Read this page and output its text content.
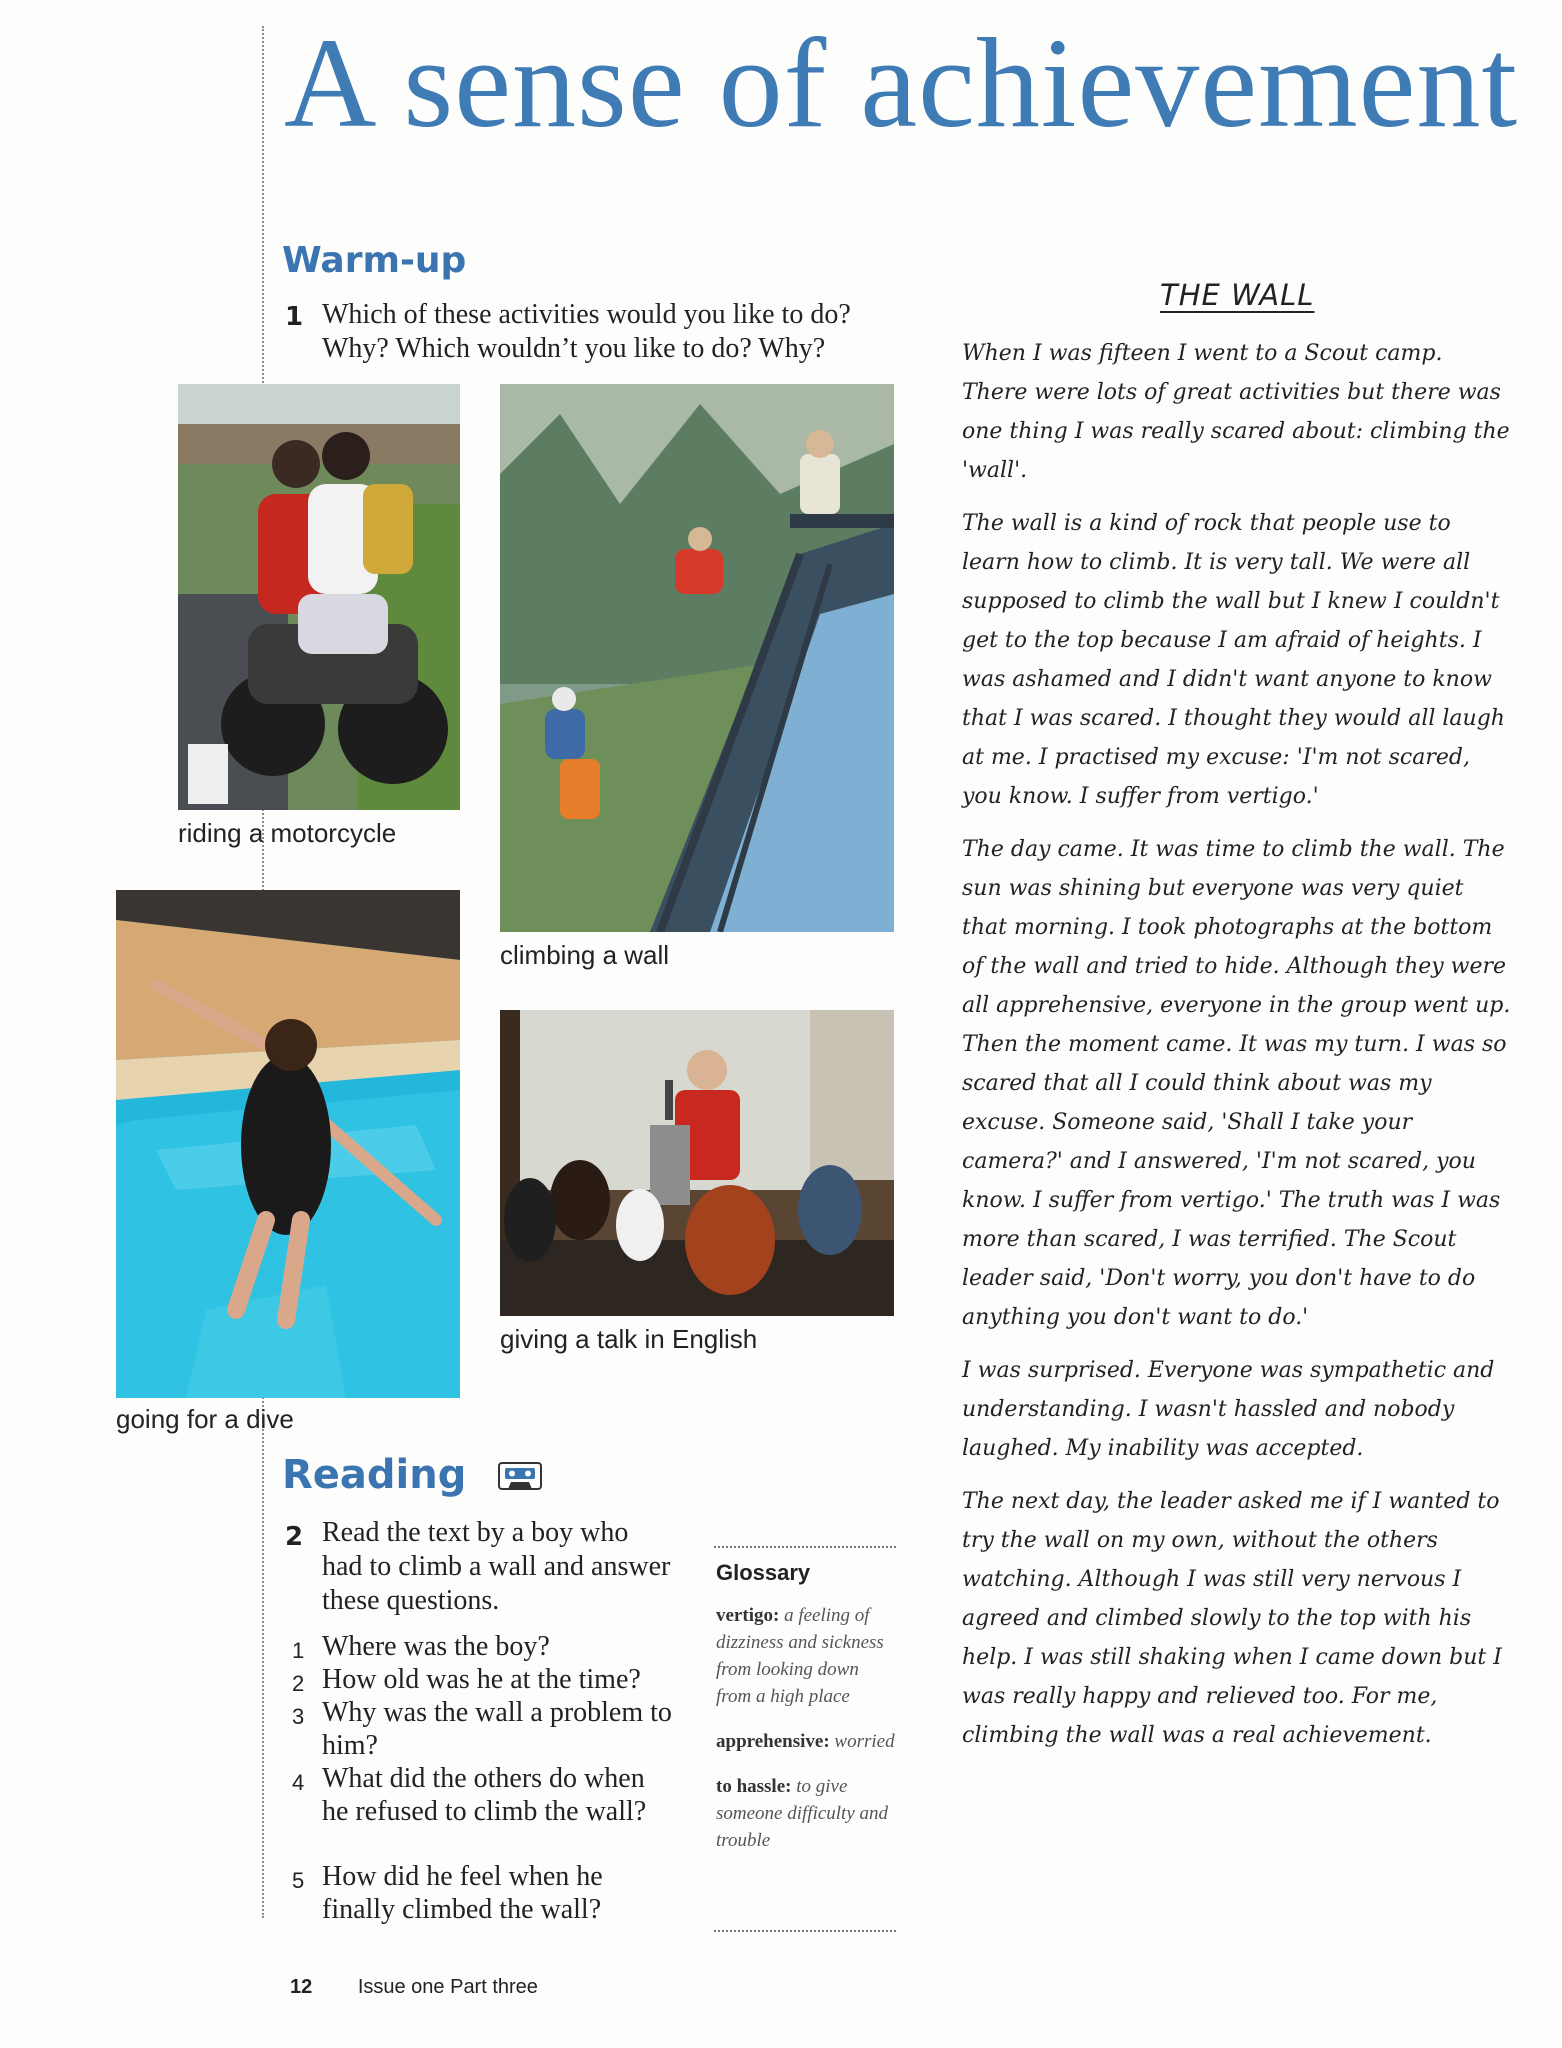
A sense of achievement
Warm-up
1 Which of these activities would you like to do? Why? Which wouldn’t you like to do? Why?
riding a motorcycle
climbing a wall
going for a dive
giving a talk in English
Reading
2 Read the text by a boy who had to climb a wall and answer these questions.
1 Where was the boy?
2 How old was he at the time?
3 Why was the wall a problem to him?
4 What did the others do when he refused to climb the wall?
5 How did he feel when he finally climbed the wall?
Glossary
vertigo: a feeling of dizziness and sickness from looking down from a high place
apprehensive: worried
to hassle: to give someone difficulty and trouble
THE WALL

When I was fifteen I went to a Scout camp. There were lots of great activities but there was one thing I was really scared about: climbing the 'wall'.

The wall is a kind of rock that people use to learn how to climb. It is very tall. We were all supposed to climb the wall but I knew I couldn't get to the top because I am afraid of heights. I was ashamed and I didn't want anyone to know that I was scared. I thought they would all laugh at me. I practised my excuse: 'I'm not scared, you know. I suffer from vertigo.'

The day came. It was time to climb the wall. The sun was shining but everyone was very quiet that morning. I took photographs at the bottom of the wall and tried to hide. Although they were all apprehensive, everyone in the group went up. Then the moment came. It was my turn. I was so scared that all I could think about was my excuse. Someone said, 'Shall I take your camera?' and I answered, 'I'm not scared, you know. I suffer from vertigo.' The truth was I was more than scared, I was terrified. The Scout leader said, 'Don't worry, you don't have to do anything you don't want to do.'

I was surprised. Everyone was sympathetic and understanding. I wasn't hassled and nobody laughed. My inability was accepted.

The next day, the leader asked me if I wanted to try the wall on my own, without the others watching. Although I was still very nervous I agreed and climbed slowly to the top with his help. I was still shaking when I came down but I was really happy and relieved too. For me, climbing the wall was a real achievement.

12 Issue one Part three
